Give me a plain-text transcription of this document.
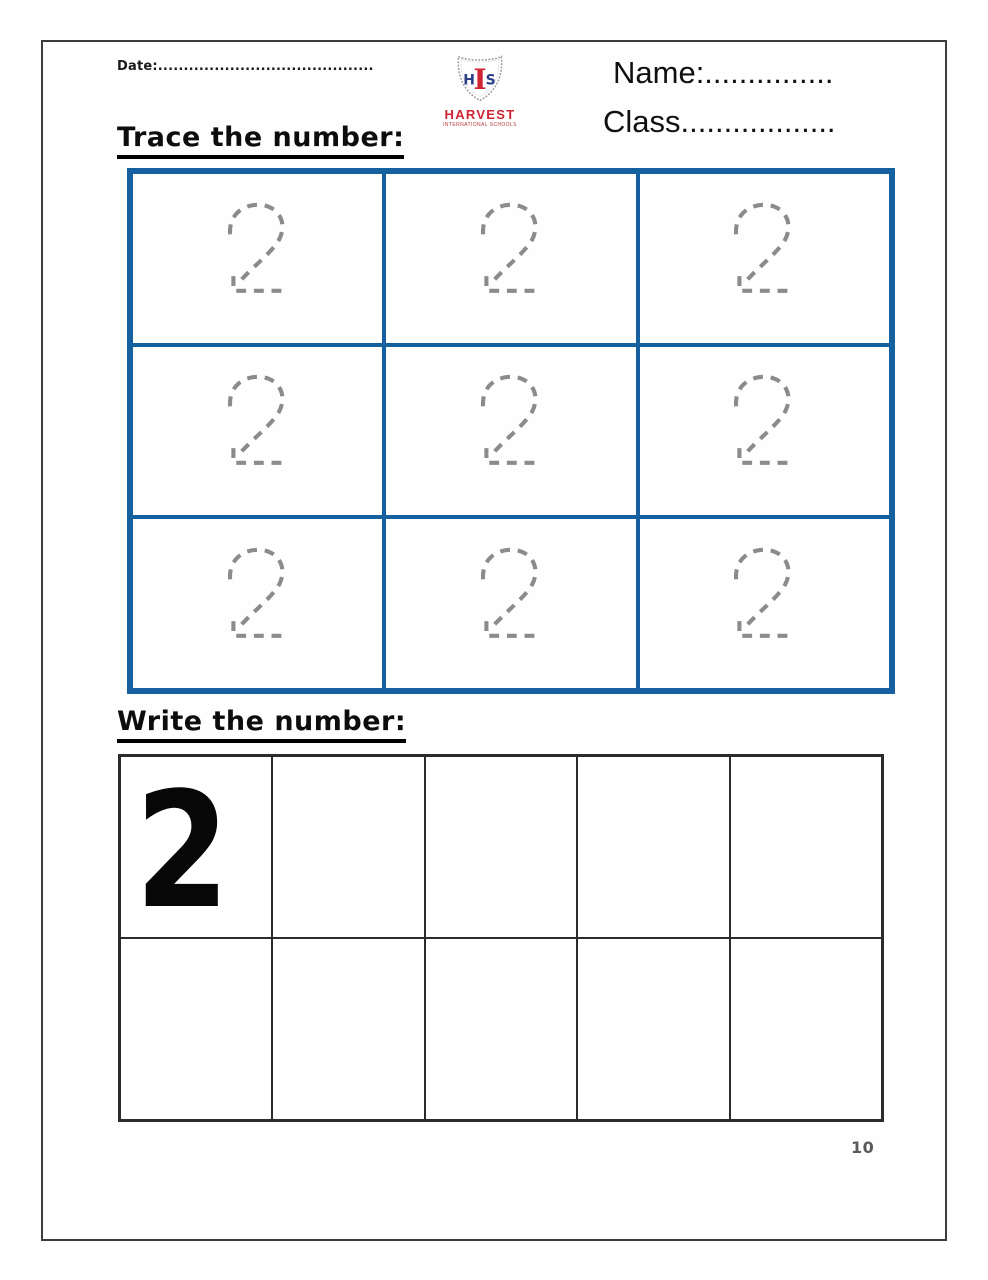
Date:..........................................
H S
I
HARVEST
INTERNATIONAL SCHOOLS
Name:...............
Class..................
Trace the number:
Write the number:
2
10
